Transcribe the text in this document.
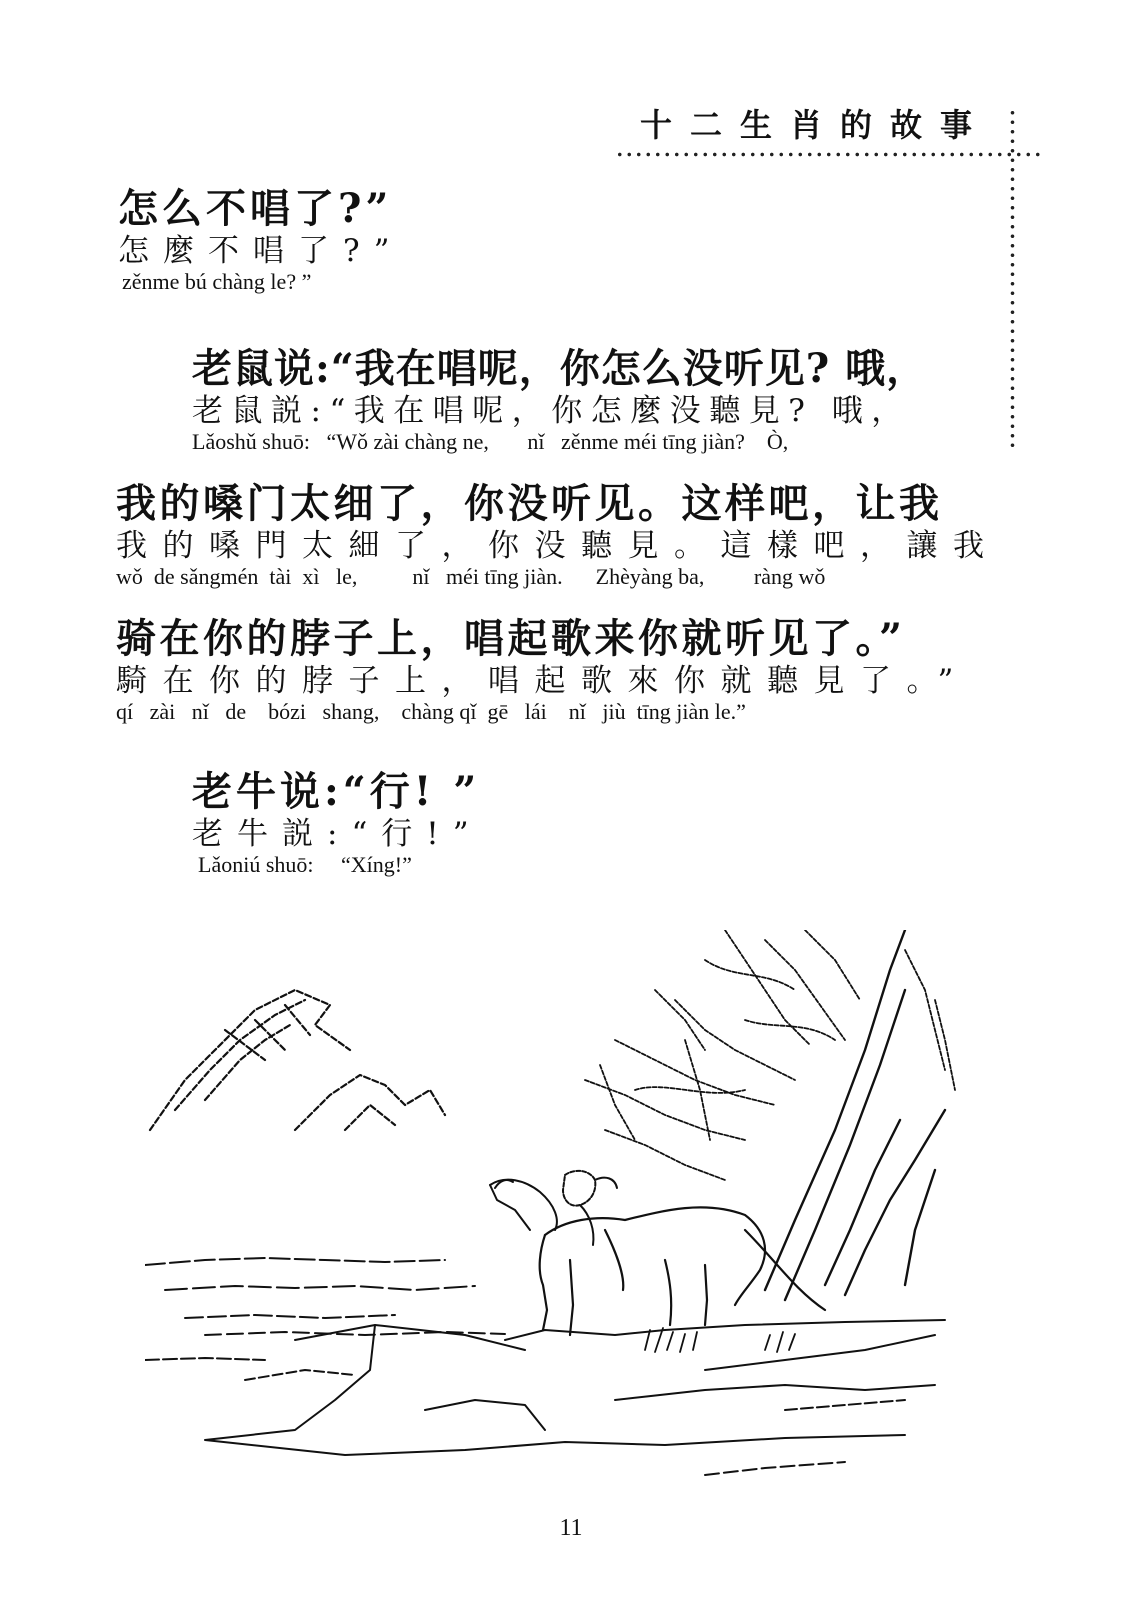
十二生肖的故事
怎么不唱了?”
怎麼不唱了?”
zěnme bú chàng le? ”
老鼠说:“我在唱呢，你怎么没听见? 哦，
老鼠説:“我在唱呢，你怎麼没聽見? 哦，
Lǎoshǔ shuō:   “Wǒ zài chàng ne,       nǐ   zěnme méi tīng jiàn?    Ò,
我的嗓门太细了，你没听见。这样吧，让我
我的嗓門太細了，你没聽見。這樣吧，讓我
wǒ  de sǎngmén  tài  xì   le,          nǐ   méi tīng jiàn.      Zhèyàng ba,         ràng wǒ
骑在你的脖子上，唱起歌来你就听见了。”
騎在你的脖子上，唱起歌來你就聽見了。”
qí   zài   nǐ   de    bózi   shang,    chàng qǐ  gē   lái    nǐ   jiù  tīng jiàn le.”
老牛说:“行! ”
老牛説:“行!”
Lǎoniú shuō:     “Xíng!”
11
